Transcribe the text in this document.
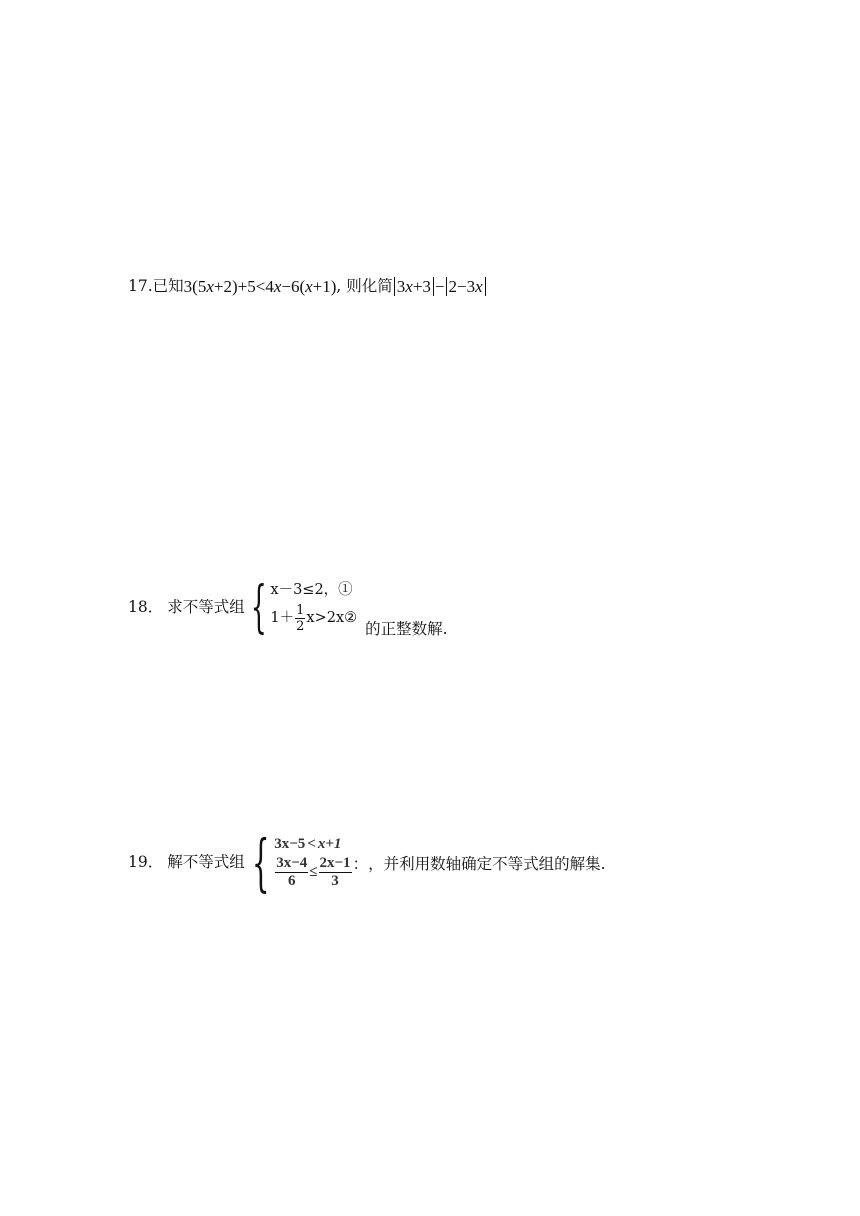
17. 已知 3(5x+2)+5<4x−6(x+1) , 则化简 3x+3 − 2−3x
18． 求不等式组 { x－3≤2，①
$1+ \frac{1}{2}$ x>2x②
的正整数解.
19． 解不等式组 { 3x−5 < x+1
$\frac{3x-4}{6} \le \frac{2x-1}{3}$ ： ，并利用数轴确定不等式组的解集.
